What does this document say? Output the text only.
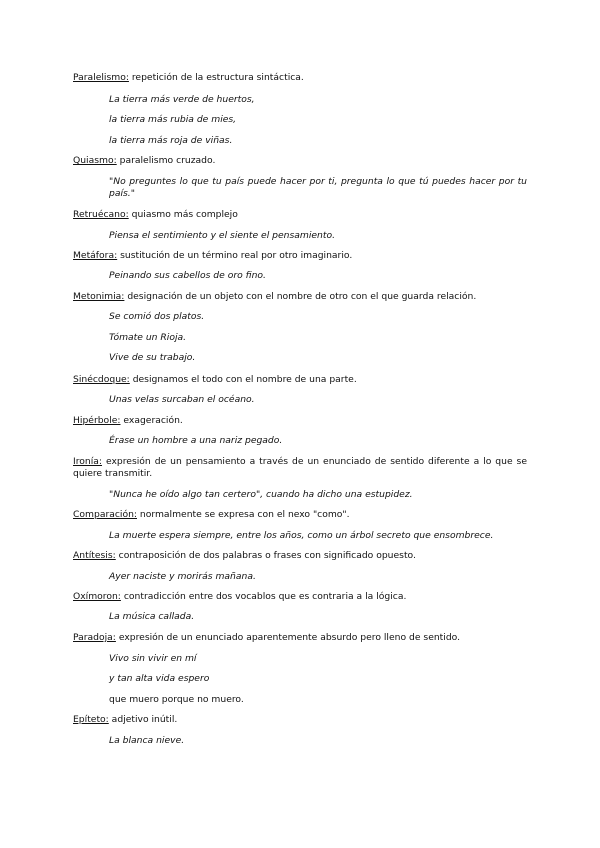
Paralelismo: repetición de la estructura sintáctica.
La tierra más verde de huertos,
la tierra más rubia de mies,
la tierra más roja de viñas.
Quiasmo: paralelismo cruzado.
"No preguntes lo que tu país puede hacer por ti, pregunta lo que tú puedes hacer por tu país."
Retruécano: quiasmo más complejo
Piensa el sentimiento y el siente el pensamiento.
Metáfora: sustitución de un término real por otro imaginario.
Peinando sus cabellos de oro fino.
Metonimia: designación de un objeto con el nombre de otro con el que guarda relación.
Se comió dos platos.
Tómate un Rioja.
Vive de su trabajo.
Sinécdoque: designamos el todo con el nombre de una parte.
Unas velas surcaban el océano.
Hipérbole: exageración.
Érase un hombre a una nariz pegado.
Ironía: expresión de un pensamiento a través de un enunciado de sentido diferente a lo que se quiere transmitir.
"Nunca he oído algo tan certero", cuando ha dicho una estupidez.
Comparación: normalmente se expresa con el nexo "como".
La muerte espera siempre, entre los años, como un árbol secreto que ensombrece.
Antítesis: contraposición de dos palabras o frases con significado opuesto.
Ayer naciste y morirás mañana.
Oxímoron: contradicción entre dos vocablos que es contraria a la lógica.
La música callada.
Paradoja: expresión de un enunciado aparentemente absurdo pero lleno de sentido.
Vivo sin vivir en mí
y tan alta vida espero
que muero porque no muero.
Epíteto: adjetivo inútil.
La blanca nieve.
